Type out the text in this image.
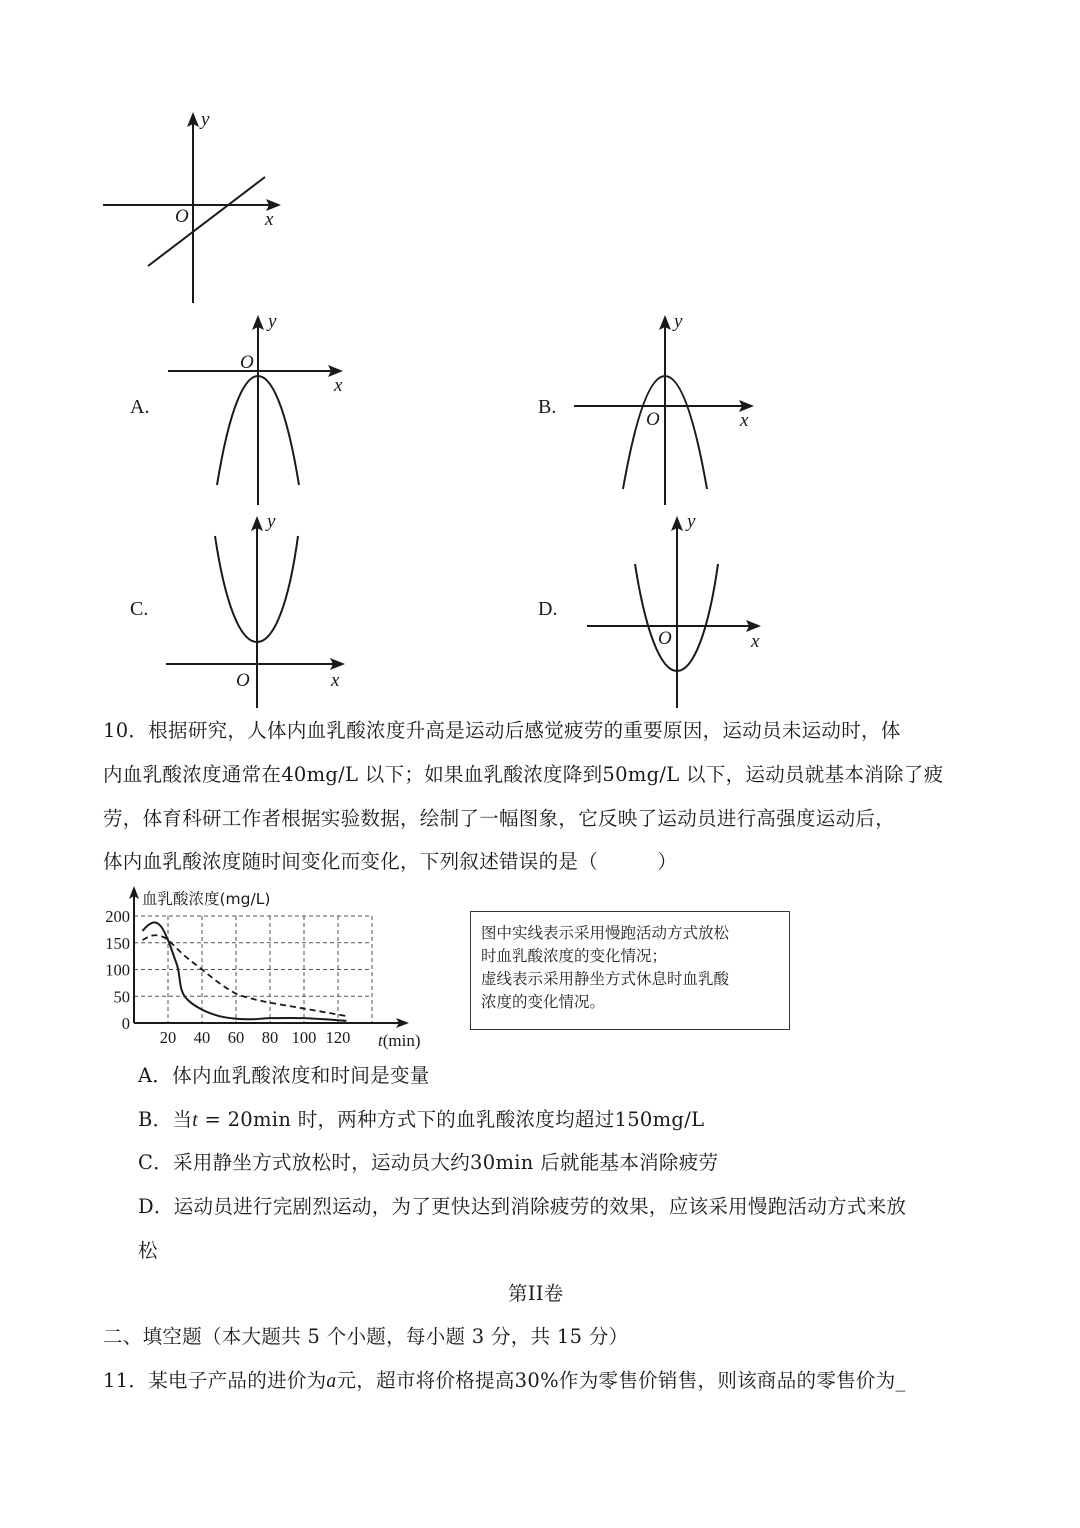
y
O	x
A.
y
O
x
B.
y
O	x
C.
y
O	x
D.
y
O	x
10．根据研究，人体内血乳酸浓度升高是运动后感觉疲劳的重要原因，运动员未运动时，体
内血乳酸浓度通常在40mg/L 以下；如果血乳酸浓度降到50mg/L 以下，运动员就基本消除了疲
劳，体育科研工作者根据实验数据，绘制了一幅图象，它反映了运动员进行高强度运动后，
体内血乳酸浓度随时间变化而变化，下列叙述错误的是（　　　）
0
50
100
150
200
20 40 60 80 100 120
血乳酸浓度(mg/L)
t(min)
图中实线表示采用慢跑活动方式放松
时血乳酸浓度的变化情况；
虚线表示采用静坐方式休息时血乳酸
浓度的变化情况。
A．体内血乳酸浓度和时间是变量
B．当t = 20min 时，两种方式下的血乳酸浓度均超过150mg/L
C．采用静坐方式放松时，运动员大约30min 后就能基本消除疲劳
D．运动员进行完剧烈运动，为了更快达到消除疲劳的效果，应该采用慢跑活动方式来放
松
第II卷
二、填空题（本大题共 5 个小题，每小题 3 分，共 15 分）
11．某电子产品的进价为a元，超市将价格提高30%作为零售价销售，则该商品的零售价为_
